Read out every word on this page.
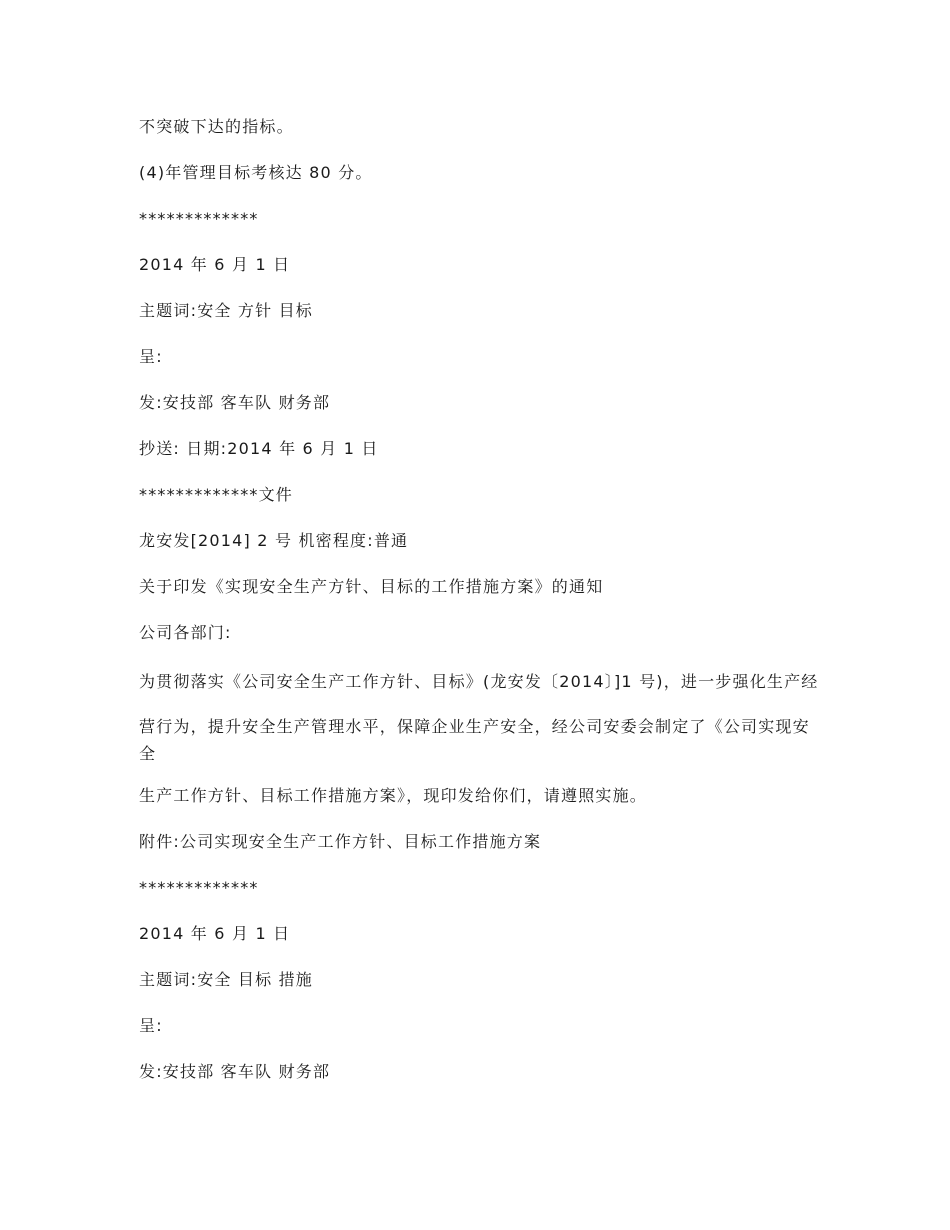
不突破下达的指标。

(4)年管理目标考核达 80 分。

*************

2014 年 6 月 1 日

主题词:安全 方针 目标

呈:

发:安技部 客车队 财务部

抄送: 日期:2014 年 6 月 1 日

*************文件

龙安发[2014] 2 号 机密程度:普通

关于印发《实现安全生产方针、目标的工作措施方案》的通知

公司各部门:

为贯彻落实《公司安全生产工作方针、目标》(龙安发〔2014〕]1 号)，进一步强化生产经

营行为，提升安全生产管理水平，保障企业生产安全，经公司安委会制定了《公司实现安全

生产工作方针、目标工作措施方案》，现印发给你们，请遵照实施。

附件:公司实现安全生产工作方针、目标工作措施方案

*************

2014 年 6 月 1 日

主题词:安全 目标 措施

呈:

发:安技部 客车队 财务部
